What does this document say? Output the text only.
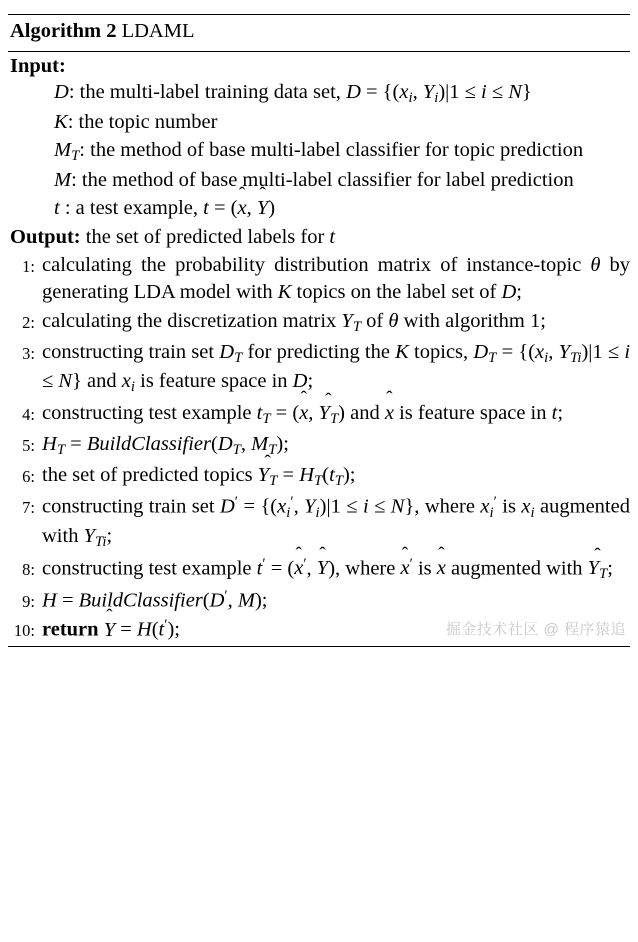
Algorithm 2 LDAML
Input:
D: the multi-label training data set, $D = \{(x_i$, $Y_i)|1 \le i \le N$}
K: the topic number
$M_T$: the method of base multi-label classifier for topic prediction
M: the method of base multi-label classifier for label prediction
t : a test example, t = (x
, Y
)
Output: the set of predicted labels for t
1: calculating the probability distribution matrix of instance-topic θ by generating LDA model with K topics on the label set of D;
2: calculating the discretization matrix $Y_T$ of θ with algorithm 1;
3: constructing train set $D_T$ for predicting the K topics, $D_T = \{(x_i$, $Y_{Ti})|1 \le i \le N$} and $x_i$ is feature space in D;
4: constructing test example $t_T = (x$
, $Y_T$
) and x
is feature space in t;
5: $H_T$ = $BuildClassifier(D_T$, $M_T$);
6: the set of predicted topics $Y_T$
= $H_T(t_T)$;
7: constructing train set $D' = \{(x_i'$, $Y_i)|1 \le i \le N$}, where $x_i'$ is $x_i$ augmented with $Y_{Ti}$;
8: constructing test example t′ = (x
′, Y
), where x
′ is x
augmented with $Y_T$
;
9: H = BuildClassifier(D′, M);
10: return Y
= H(t′);	掘金技术社区 @ 程序猿追
